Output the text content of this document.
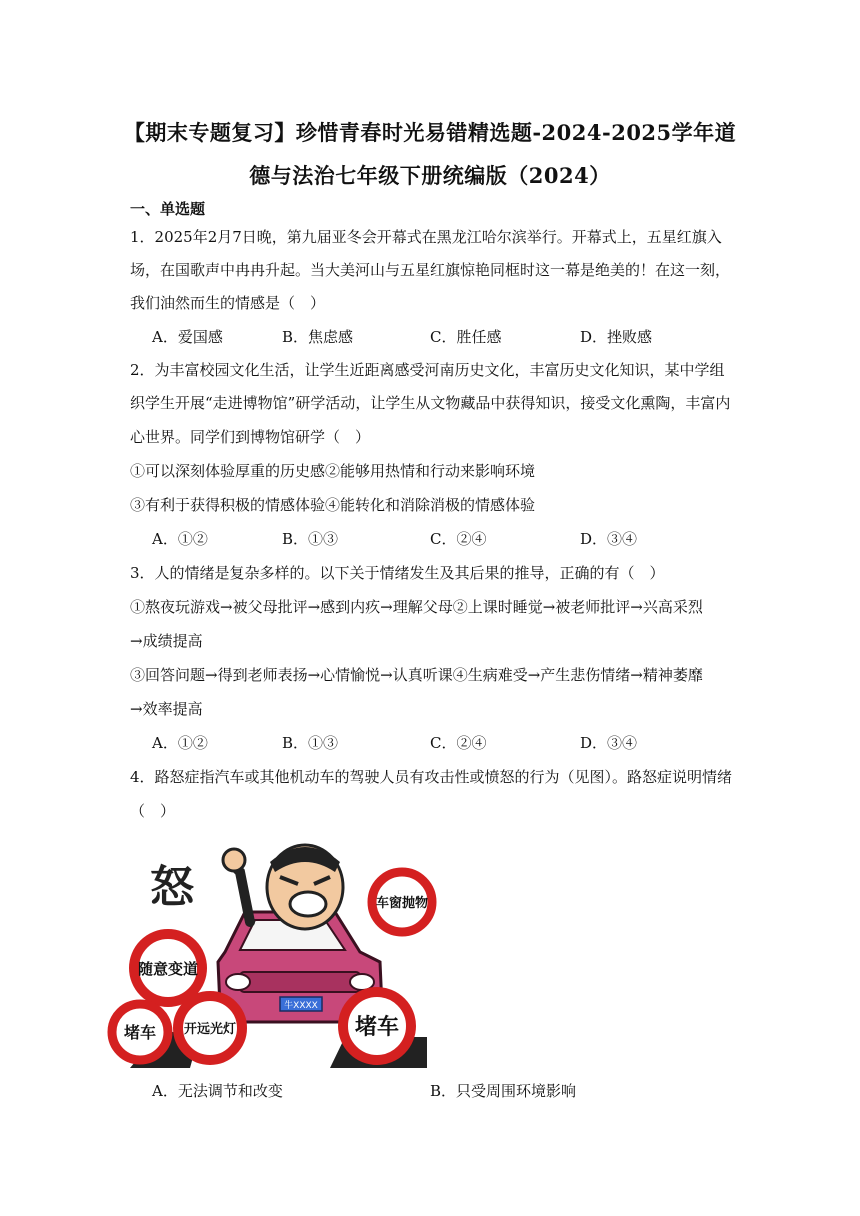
【期末专题复习】珍惜青春时光易错精选题-2024-2025学年道
德与法治七年级下册统编版（2024）
一、单选题
1．2025年2月7日晚，第九届亚冬会开幕式在黑龙江哈尔滨举行。开幕式上，五星红旗入
场，在国歌声中冉冉升起。当大美河山与五星红旗惊艳同框时这一幕是绝美的！在这一刻，
我们油然而生的情感是（　）
A．爱国感	B．焦虑感	C．胜任感	D．挫败感
2．为丰富校园文化生活，让学生近距离感受河南历史文化，丰富历史文化知识，某中学组
织学生开展“走进博物馆”研学活动，让学生从文物藏品中获得知识，接受文化熏陶，丰富内
心世界。同学们到博物馆研学（　）
①可以深刻体验厚重的历史感②能够用热情和行动来影响环境
③有利于获得积极的情感体验④能转化和消除消极的情感体验
A．①②	B．①③	C．②④	D．③④
3．人的情绪是复杂多样的。以下关于情绪发生及其后果的推导，正确的有（　）
①熬夜玩游戏→被父母批评→感到内疚→理解父母②上课时睡觉→被老师批评→兴高采烈
→成绩提高
③回答问题→得到老师表扬→心情愉悦→认真听课④生病难受→产生悲伤情绪→精神萎靡
→效率提高
A．①②	B．①③	C．②④	D．③④
4．路怒症指汽车或其他机动车的驾驶人员有攻击性或愤怒的行为（见图）。路怒症说明情绪
（　）
怒
牛XXXX
车窗抛物
随意变道
开远光灯	堵车
堵车
A．无法调节和改变	B．只受周围环境影响
